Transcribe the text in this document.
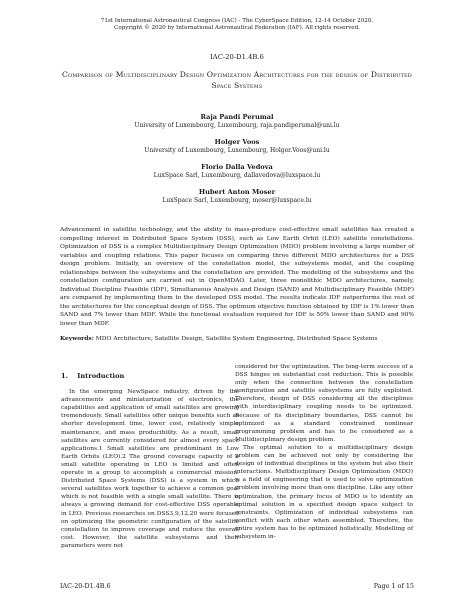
71st International Astronautical Congress (IAC) - The CyberSpace Edition, 12-14 October 2020.
Copyright © 2020 by International Astronautical Federation (IAF). All rights reserved.
IAC-20-D1.4B.6
Comparison of Multidisciplinary Design Optimization Architectures for the design of Distributed Space Systems
Raja Pandi Perumal
University of Luxembourg, Luxembourg, raja.pandiperumal@uni.lu
Holger Voos
University of Luxembourg, Luxembourg, Holger.Voos@uni.lu
Florio Dalla Vedova
LuxSpace Sarl, Luxembourg, dallavedova@luxspace.lu
Hubert Anton Moser
LuxSpace Sarl, Luxembourg, moser@luxspace.lu
Advancement in satellite technology, and the ability to mass-produce cost-effective small satellites has created a compelling interest in Distributed Space System (DSS), such as Low Earth Orbit (LEO) satellite constellations. Optimization of DSS is a complex Multidisciplinary Design Optimization (MDO) problem involving a large number of variables and coupling relations. This paper focuses on comparing three different MDO architectures for a DSS design problem. Initially, an overview of the constellation model, the subsystems model, and the coupling relationships between the subsystems and the constellation are provided. The modelling of the subsystems and the constellation configuration are carried out in OpenMDAO. Later, three monolithic MDO architectures, namely, Individual Discipline Feasible (IDF), Simultaneous Analysis and Design (SAND) and Multidisciplinary Feasible (MDF) are compared by implementing them to the developed DSS model. The results indicate IDF outperforms the rest of the architectures for the conceptual design of DSS. The optimum objective function obtained by IDF is 1% lower than SAND and 7% lower than MDF. While the functional evaluation required for IDF is 50% lower than SAND and 90% lower than MDF.
Keywords: MDO Architecture, Satellite Design, Satellite System Engineering, Distributed Space Systems
1. Introduction

In the emerging NewSpace industry, driven by the advancements and miniaturization of electronics, the capabilities and application of small satellites are growing tremendously. Small satellites offer unique benefits such as shorter development time, lower cost, relatively simple maintenance, and mass producibility. As a result, small satellites are currently considered for almost every space applications.1 Small satellites are predominant in Low Earth Orbits (LEO).2 The ground coverage capacity of a small satellite operating in LEO is limited and often operate in a group to accomplish a commercial mission. Distributed Space Systems (DSS) is a system in which several satellites work together to achieve a common goal which is not feasible with a single small satellite. There is always a growing demand for cost-effective DSS operable in LEO. Previous researches on DSS3,9,12,20 were focused on optimizing the geometric configuration of the satellite constellation to improve coverage and reduce the overall cost. However, the satellite subsystems and their parameters were not

considered for the optimization. The long-term success of a DSS hinges on substantial cost reduction. This is possible only when the connection between the constellation configuration and satellite subsystems are fully exploited. Therefore, design of DSS considering all the disciplines with interdisciplinary coupling needs to be optimized. Because of its disciplinary boundaries, DSS cannot be optimized as a standard constrained nonlinear programming problem and has to be considered as a Multidisciplinary design problem.

The optimal solution to a multidisciplinary design problem can be achieved not only by considering the design of individual disciplines in the system but also their interactions. Multidisciplinary Design Optimization (MDO) is a field of engineering that is used to solve optimization problem involving more than one discipline. Like any other optimization, the primary focus of MDO is to identify an optimal solution in a specified design space subject to constraints. Optimization of individual subsystems can conflict with each other when assembled. Therefore, the entire system has to be optimized holistically. Modelling of subsystem in-

IAC-20-D1.4B.6	Page 1 of 15
